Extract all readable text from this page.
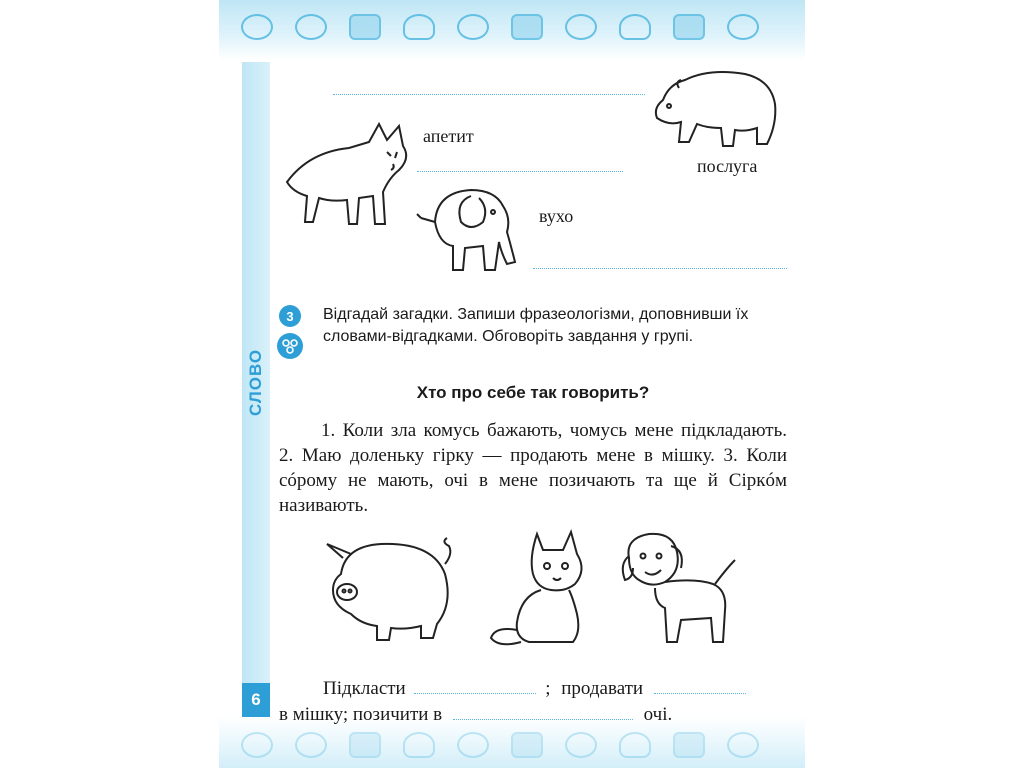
СЛОВО
6
апетит
вухо
послуга
3	Відгадай загадки. Запиши фразеологізми, доповнивши їх словами-відгадками. Обговоріть завдання у групі.
Хто про себе так говорить?
1. Коли зла комусь бажають, чомусь мене підкладають. 2. Маю доленьку гірку — продають мене в мішку. 3. Коли сóрому не мають, очі в мене позичають та ще й Сіркóм називають.
Підкласти	; продавати
в мішку; позичити в	очі.
